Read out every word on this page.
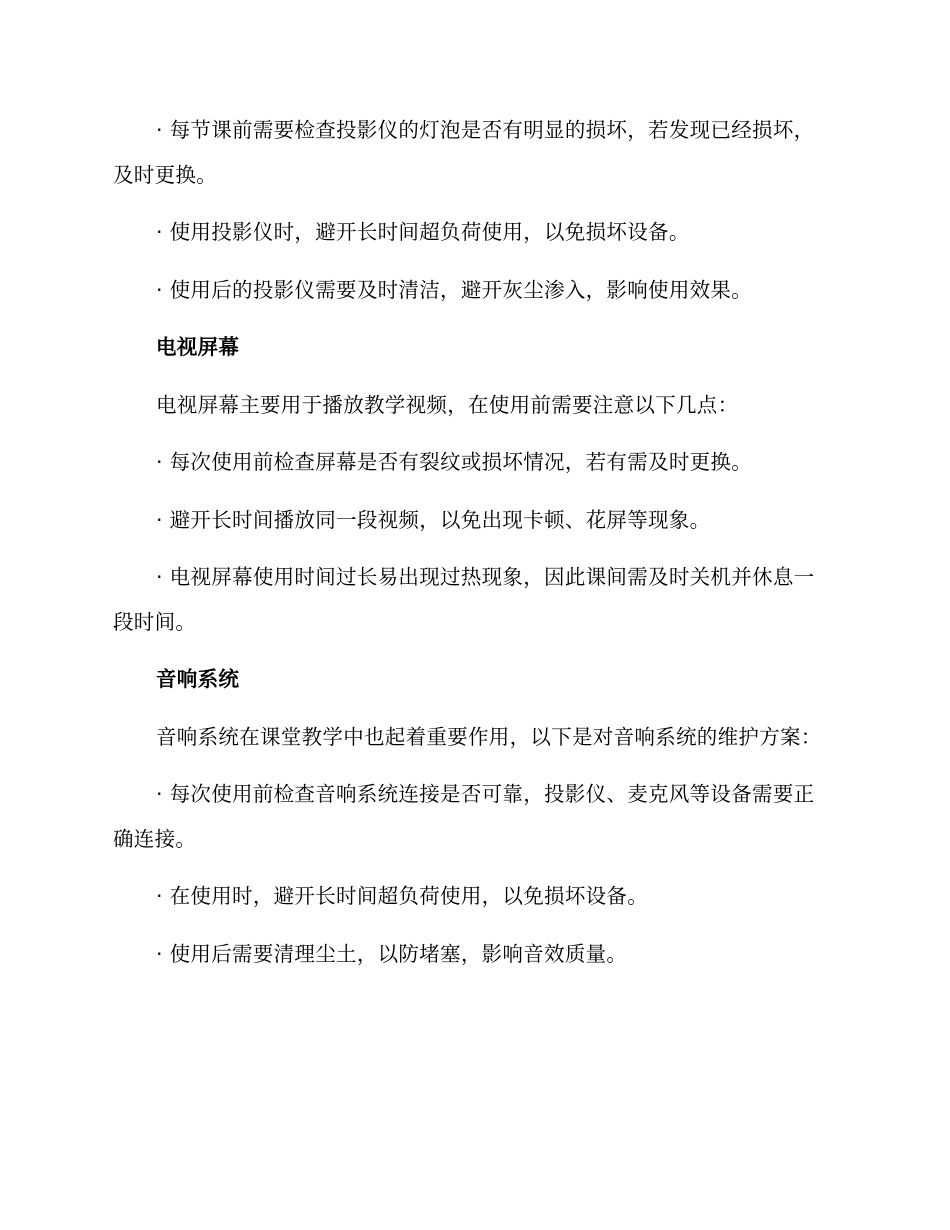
· 每节课前需要检查投影仪的灯泡是否有明显的损坏，若发现已经损坏，及时更换。

· 使用投影仪时，避开长时间超负荷使用，以免损坏设备。

· 使用后的投影仪需要及时清洁，避开灰尘渗入，影响使用效果。

电视屏幕

电视屏幕主要用于播放教学视频，在使用前需要注意以下几点：

· 每次使用前检查屏幕是否有裂纹或损坏情况，若有需及时更换。

· 避开长时间播放同一段视频，以免出现卡顿、花屏等现象。

· 电视屏幕使用时间过长易出现过热现象，因此课间需及时关机并休息一段时间。

音响系统

音响系统在课堂教学中也起着重要作用，以下是对音响系统的维护方案：

· 每次使用前检查音响系统连接是否可靠，投影仪、麦克风等设备需要正确连接。

· 在使用时，避开长时间超负荷使用，以免损坏设备。

· 使用后需要清理尘土，以防堵塞，影响音效质量。
